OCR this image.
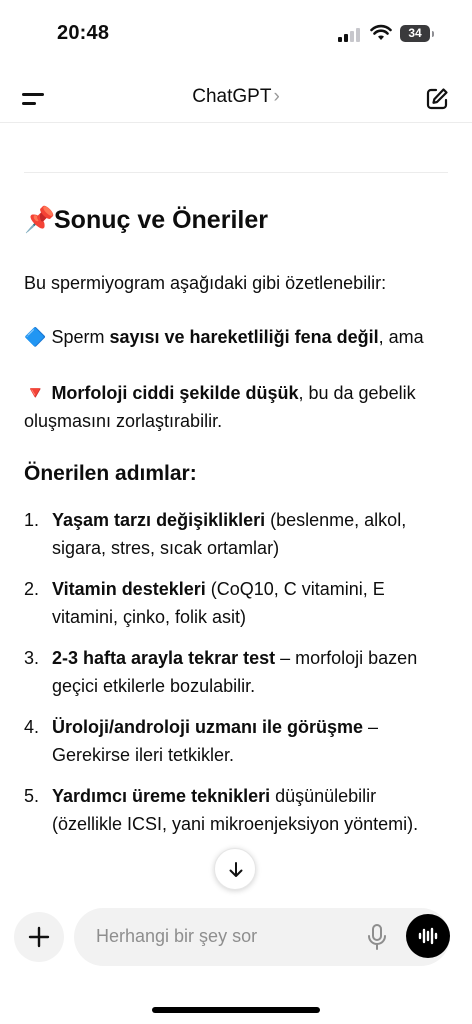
20:48	34
ChatGPT ›
📌Sonuç ve Öneriler
Bu spermiyogram aşağıdaki gibi özetlenebilir:
🔷 Sperm sayısı ve hareketliliği fena değil, ama
🔻 Morfoloji ciddi şekilde düşük, bu da gebelik oluşmasını zorlaştırabilir.
Önerilen adımlar:
1. Yaşam tarzı değişiklikleri (beslenme, alkol, sigara, stres, sıcak ortamlar)
2. Vitamin destekleri (CoQ10, C vitamini, E vitamini, çinko, folik asit)
3. 2-3 hafta arayla tekrar test – morfoloji bazen geçici etkilerle bozulabilir.
4. Üroloji/androloji uzmanı ile görüşme – Gerekirse ileri tetkikler.
5. Yardımcı üreme teknikleri düşünülebilir (özellikle ICSI, yani mikroenjeksiyon yöntemi).
Herhangi bir şey sor
